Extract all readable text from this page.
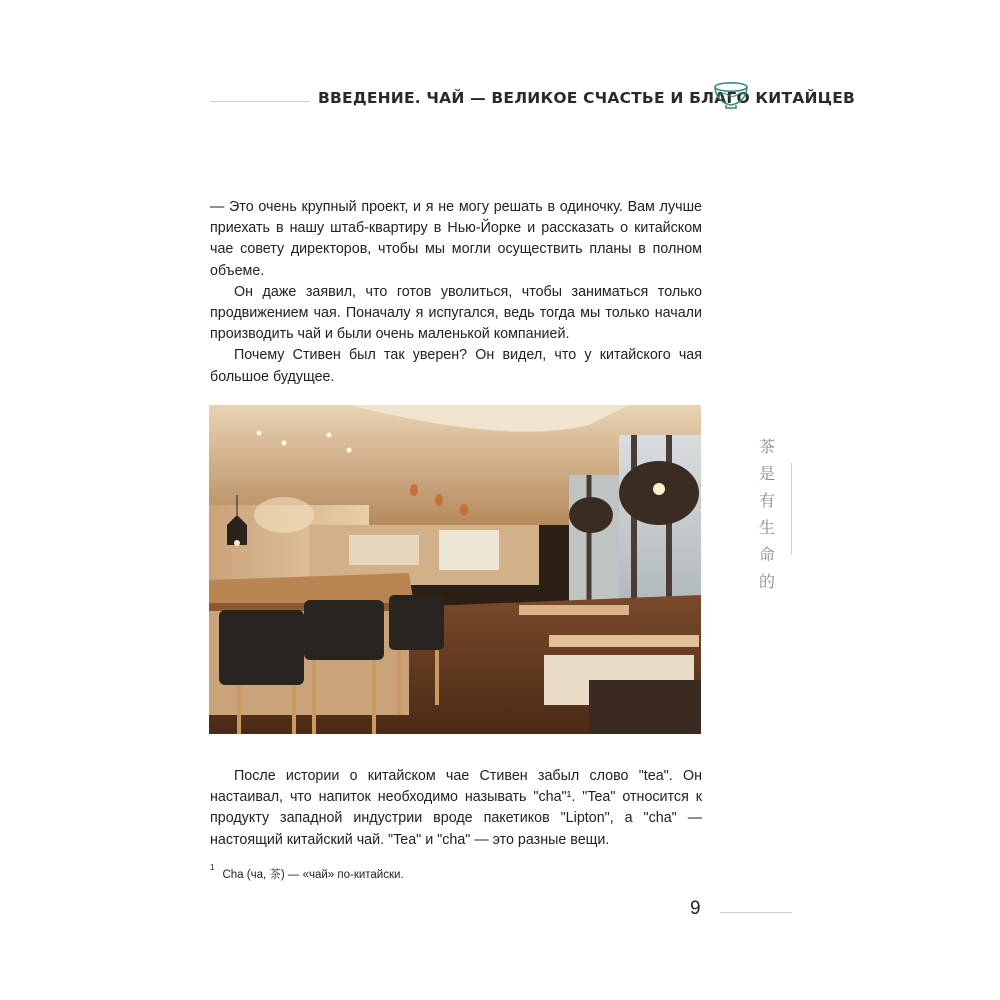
ВВЕДЕНИЕ. ЧАЙ — ВЕЛИКОЕ СЧАСТЬЕ И БЛАГО КИТАЙЦЕВ

— Это очень крупный проект, и я не могу решать в одиночку. Вам лучше приехать в нашу штаб-квартиру в Нью-Йорке и рассказать о китайском чае совету директоров, чтобы мы могли осуществить планы в полном объеме.

Он даже заявил, что готов уволиться, чтобы заниматься только продвижением чая. Поначалу я испугался, ведь тогда мы только начали производить чай и были очень маленькой компанией.

Почему Стивен был так уверен? Он видел, что у китайского чая большое будущее.

После истории о китайском чае Стивен забыл слово "tea". Он настаивал, что напиток необходимо называть "cha"¹. "Tea" относится к продукту западной индустрии вроде пакетиков "Lipton", а "cha" — настоящий китайский чай. "Tea" и "cha" — это разные вещи.

茶
是
有
生
命
的
$^1$Cha (чa, 茶) — «чай» по-китайски.
9
